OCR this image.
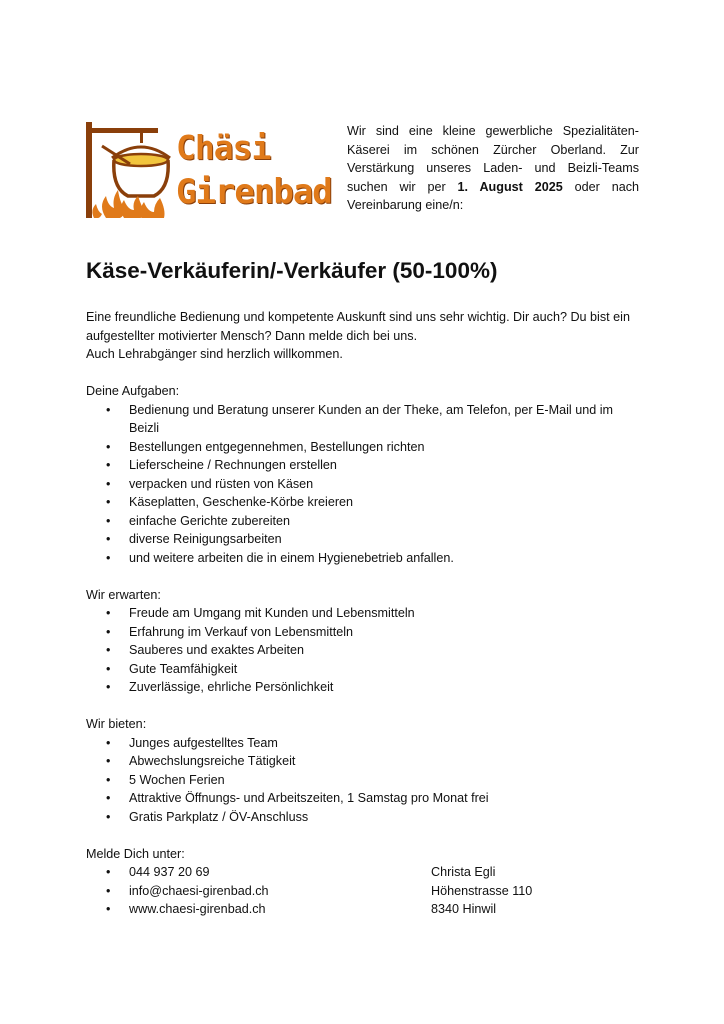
Chäsi
Girenbad
Wir sind eine kleine gewerbliche Spezialitäten-Käserei im schönen Zürcher Oberland. Zur Verstärkung unseres Laden- und Beizli-Teams suchen wir per 1. August 2025 oder nach Vereinbarung eine/n:
Käse-Verkäuferin/-Verkäufer (50-100%)

Eine freundliche Bedienung und kompetente Auskunft sind uns sehr wichtig. Dir auch? Du bist ein aufgestellter motivierter Mensch? Dann melde dich bei uns.

Auch Lehrabgänger sind herzlich willkommen.

Deine Aufgaben:

• Bedienung und Beratung unserer Kunden an der Theke, am Telefon, per E-Mail und im Beizli
• Bestellungen entgegennehmen, Bestellungen richten
• Lieferscheine / Rechnungen erstellen
• verpacken und rüsten von Käsen
• Käseplatten, Geschenke-Körbe kreieren
• einfache Gerichte zubereiten
• diverse Reinigungsarbeiten
• und weitere arbeiten die in einem Hygienebetrieb anfallen.

Wir erwarten:

• Freude am Umgang mit Kunden und Lebensmitteln
• Erfahrung im Verkauf von Lebensmitteln
• Sauberes und exaktes Arbeiten
• Gute Teamfähigkeit
• Zuverlässige, ehrliche Persönlichkeit

Wir bieten:

• Junges aufgestelltes Team
• Abwechslungsreiche Tätigkeit
• 5 Wochen Ferien
• Attraktive Öffnungs- und Arbeitszeiten, 1 Samstag pro Monat frei
• Gratis Parkplatz / ÖV-Anschluss

Melde Dich unter:

• 044 937 20 69	Christa Egli
• info@chaesi-girenbad.ch	Höhenstrasse 110
• www.chaesi-girenbad.ch	8340 Hinwil
